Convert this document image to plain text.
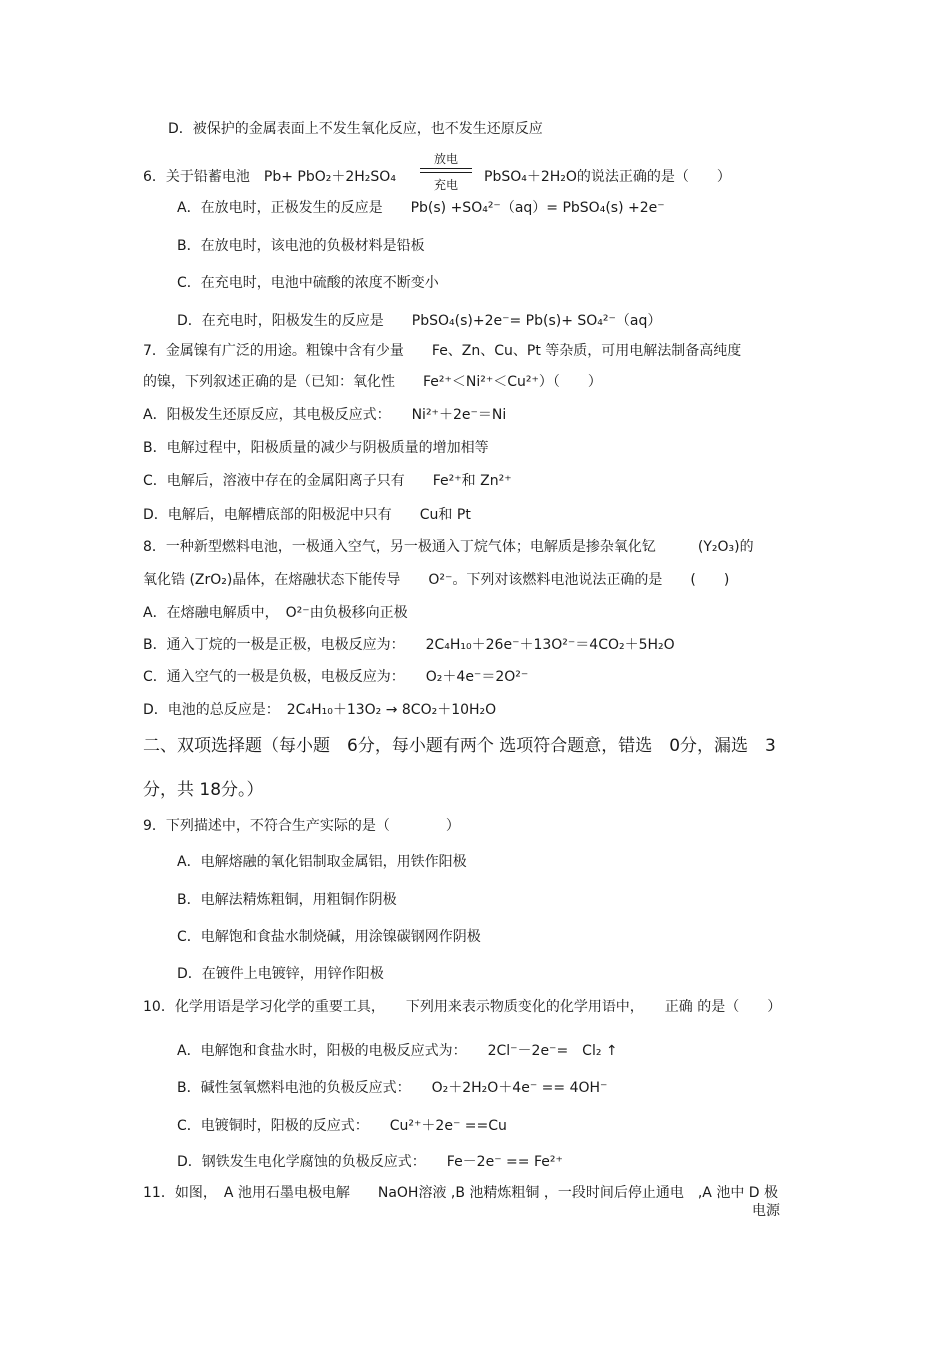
D．被保护的金属表面上不发生氧化反应，也不发生还原反应
6．关于铅蓄电池　Pb+ PbO₂＋2H₂SO₄
放电
充电	PbSO₄＋2H₂O的说法正确的是（　　）
A．在放电时，正极发生的反应是　　Pb(s) +SO₄²⁻（aq）= PbSO₄(s) +2e⁻
B．在放电时，该电池的负极材料是铅板
C．在充电时，电池中硫酸的浓度不断变小
D．在充电时，阳极发生的反应是　　PbSO₄(s)+2e⁻= Pb(s)+ SO₄²⁻（aq）
7．金属镍有广泛的用途。粗镍中含有少量　　Fe、Zn、Cu、Pt 等杂质，可用电解法制备高纯度
的镍，下列叙述正确的是（已知：氧化性　　Fe²⁺＜Ni²⁺＜Cu²⁺）（　　）
A．阳极发生还原反应，其电极反应式：　　Ni²⁺＋2e⁻＝Ni
B．电解过程中，阳极质量的减少与阴极质量的增加相等
C．电解后，溶液中存在的金属阳离子只有　　Fe²⁺和 Zn²⁺
D．电解后，电解槽底部的阳极泥中只有　　Cu和 Pt
8．一种新型燃料电池，一极通入空气，另一极通入丁烷气体；电解质是掺杂氧化钇　　　(Y₂O₃)的
氧化锆 (ZrO₂)晶体，在熔融状态下能传导　　O²⁻。下列对该燃料电池说法正确的是　　(　　)
A．在熔融电解质中，　O²⁻由负极移向正极
B．通入丁烷的一极是正极，电极反应为：　　2C₄H₁₀＋26e⁻＋13O²⁻＝4CO₂＋5H₂O
C．通入空气的一极是负极，电极反应为：　　O₂＋4e⁻＝2O²⁻
D．电池的总反应是：　2C₄H₁₀＋13O₂ → 8CO₂＋10H₂O
二、双项选择题（每小题　6分，每小题有两个 选项符合题意，错选　0分，漏选　3
分，共 18分。）
9．下列描述中，不符合生产实际的是（　　　　）
A．电解熔融的氧化铝制取金属铝，用铁作阳极
B．电解法精炼粗铜，用粗铜作阴极
C．电解饱和食盐水制烧碱，用涂镍碳钢网作阴极
D．在镀件上电镀锌，用锌作阳极
10．化学用语是学习化学的重要工具，　　下列用来表示物质变化的化学用语中，　　正确 的是（　　）
A．电解饱和食盐水时，阳极的电极反应式为：　　2Cl⁻－2e⁻=　Cl₂ ↑
B．碱性氢氧燃料电池的负极反应式：　　O₂＋2H₂O＋4e⁻ == 4OH⁻
C．电镀铜时，阳极的反应式：　　Cu²⁺＋2e⁻ ==Cu
D．钢铁发生电化学腐蚀的负极反应式：　　Fe－2e⁻ == Fe²⁺
11．如图，　A 池用石墨电极电解　　NaOH溶液 ,B 池精炼粗铜 ，一段时间后停止通电　,A 池中 D 极
电源
